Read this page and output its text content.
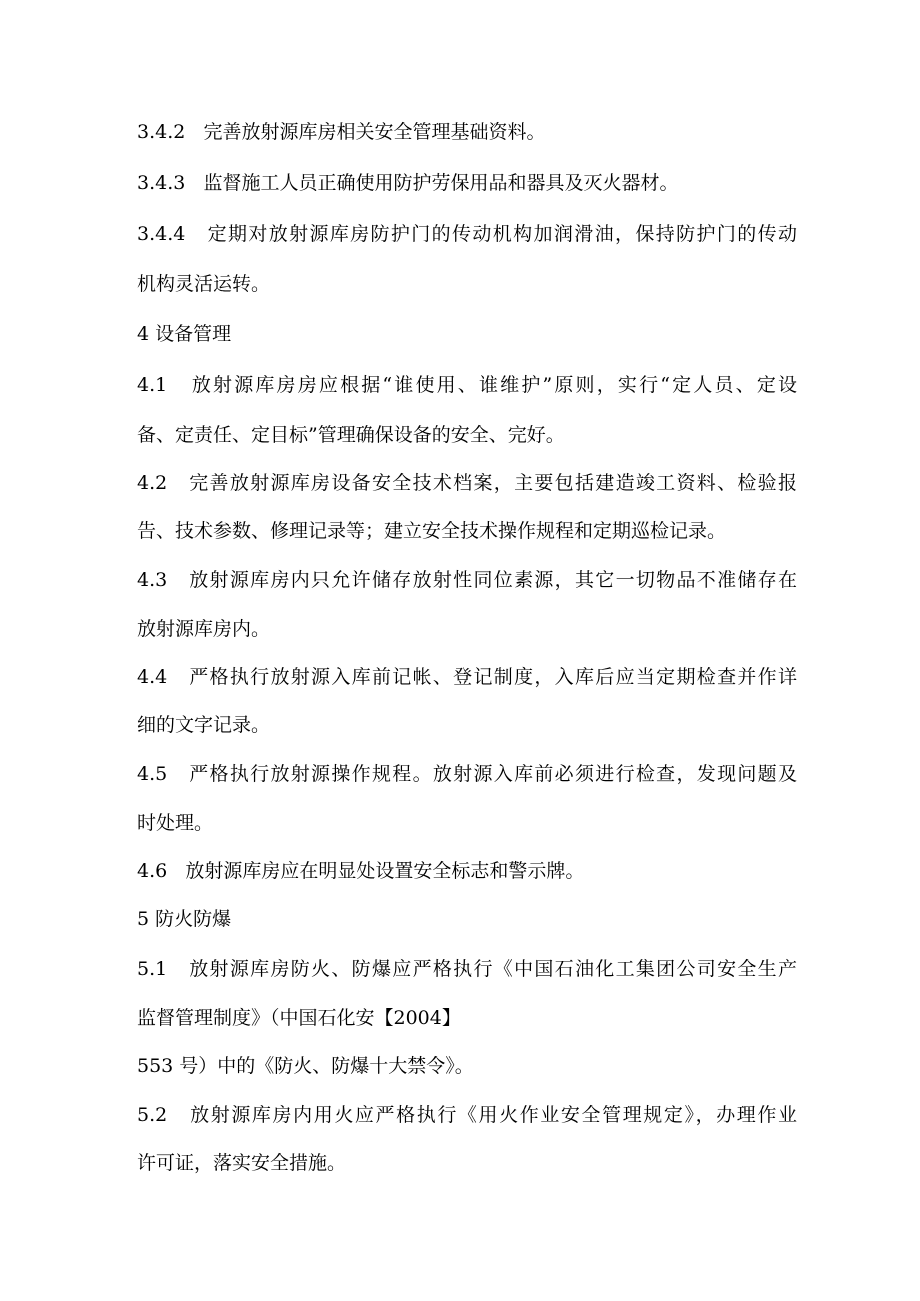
3.4.2 完善放射源库房相关安全管理基础资料。
3.4.3 监督施工人员正确使用防护劳保用品和器具及灭火器材。
3.4.4 定期对放射源库房防护门的传动机构加润滑油，保持防护门的传动
机构灵活运转。
4 设备管理
4.1 放射源库房房应根据“谁使用、谁维护”原则，实行“定人员、定设
备、定责任、定目标”管理确保设备的安全、完好。
4.2 完善放射源库房设备安全技术档案，主要包括建造竣工资料、检验报
告、技术参数、修理记录等；建立安全技术操作规程和定期巡检记录。
4.3 放射源库房内只允许储存放射性同位素源，其它一切物品不准储存在
放射源库房内。
4.4 严格执行放射源入库前记帐、登记制度，入库后应当定期检查并作详
细的文字记录。
4.5 严格执行放射源操作规程。放射源入库前必须进行检查，发现问题及
时处理。
4.6 放射源库房应在明显处设置安全标志和警示牌。
5 防火防爆
5.1 放射源库房防火、防爆应严格执行《中国石油化工集团公司安全生产
监督管理制度》（中国石化安【2004】
553 号）中的《防火、防爆十大禁令》。
5.2 放射源库房内用火应严格执行《用火作业安全管理规定》，办理作业
许可证，落实安全措施。
